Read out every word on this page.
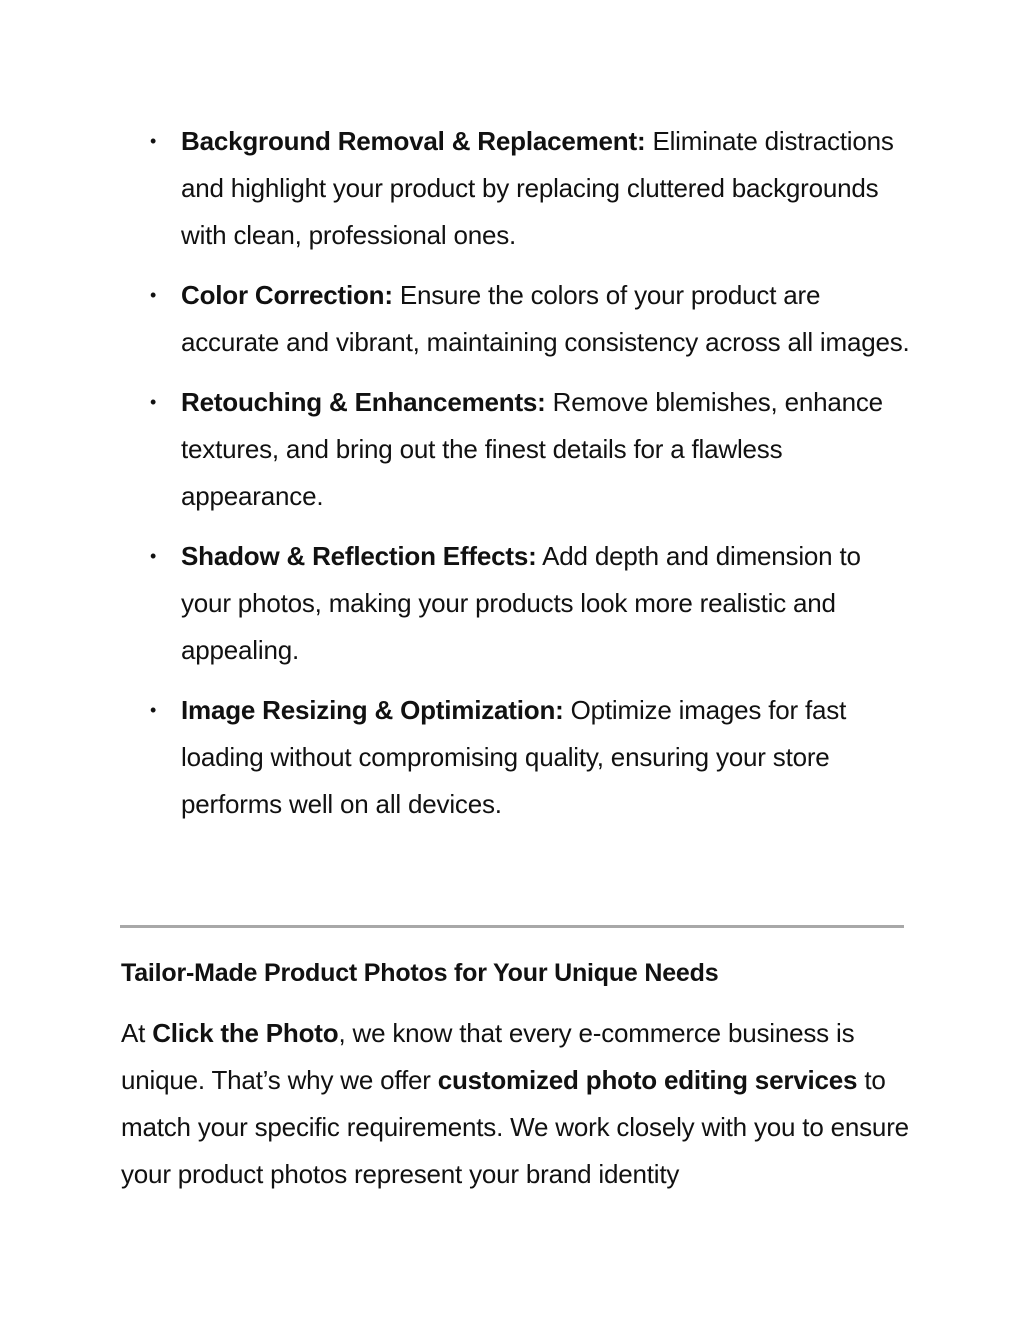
• Background Removal & Replacement: Eliminate distractions and highlight your product by replacing cluttered backgrounds with clean, professional ones.
• Color Correction: Ensure the colors of your product are accurate and vibrant, maintaining consistency across all images.
• Retouching & Enhancements: Remove blemishes, enhance textures, and bring out the finest details for a flawless appearance.
• Shadow & Reflection Effects: Add depth and dimension to your photos, making your products look more realistic and appealing.
• Image Resizing & Optimization: Optimize images for fast loading without compromising quality, ensuring your store performs well on all devices.
Tailor-Made Product Photos for Your Unique Needs

At Click the Photo, we know that every e-commerce business is unique. That’s why we offer customized photo editing services to match your specific requirements. We work closely with you to ensure your product photos represent your brand identity
